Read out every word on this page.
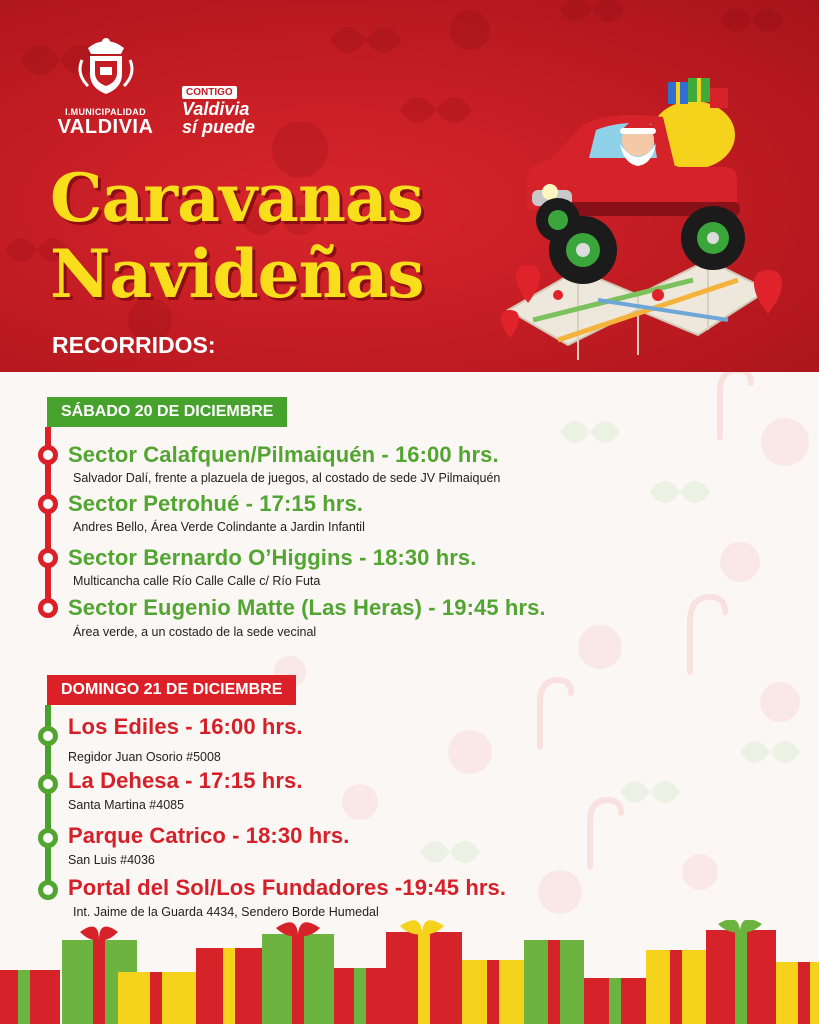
I.MUNICIPALIDAD
VALDIVIA
CONTIGO
Valdivia
sí puede
Caravanas
Navideñas
RECORRIDOS:
SÁBADO 20 DE DICIEMBRE
Sector Calafquen/Pilmaiquén - 16:00 hrs.
Salvador Dalí, frente a plazuela de juegos, al costado de sede JV Pilmaiquén
Sector Petrohué - 17:15 hrs.
Andres Bello, Área Verde Colindante a Jardin Infantil
Sector Bernardo O’Higgins - 18:30 hrs.
Multicancha calle Río Calle Calle c/ Río Futa
Sector Eugenio Matte (Las Heras) - 19:45 hrs.
Área verde, a un costado de la sede vecinal
DOMINGO 21 DE DICIEMBRE
Los Ediles - 16:00 hrs.
Regidor Juan Osorio #5008
La Dehesa - 17:15 hrs.
Santa Martina #4085
Parque Catrico - 18:30 hrs.
San Luis #4036
Portal del Sol/Los Fundadores -19:45 hrs.
Int. Jaime de la Guarda 4434, Sendero Borde Humedal
